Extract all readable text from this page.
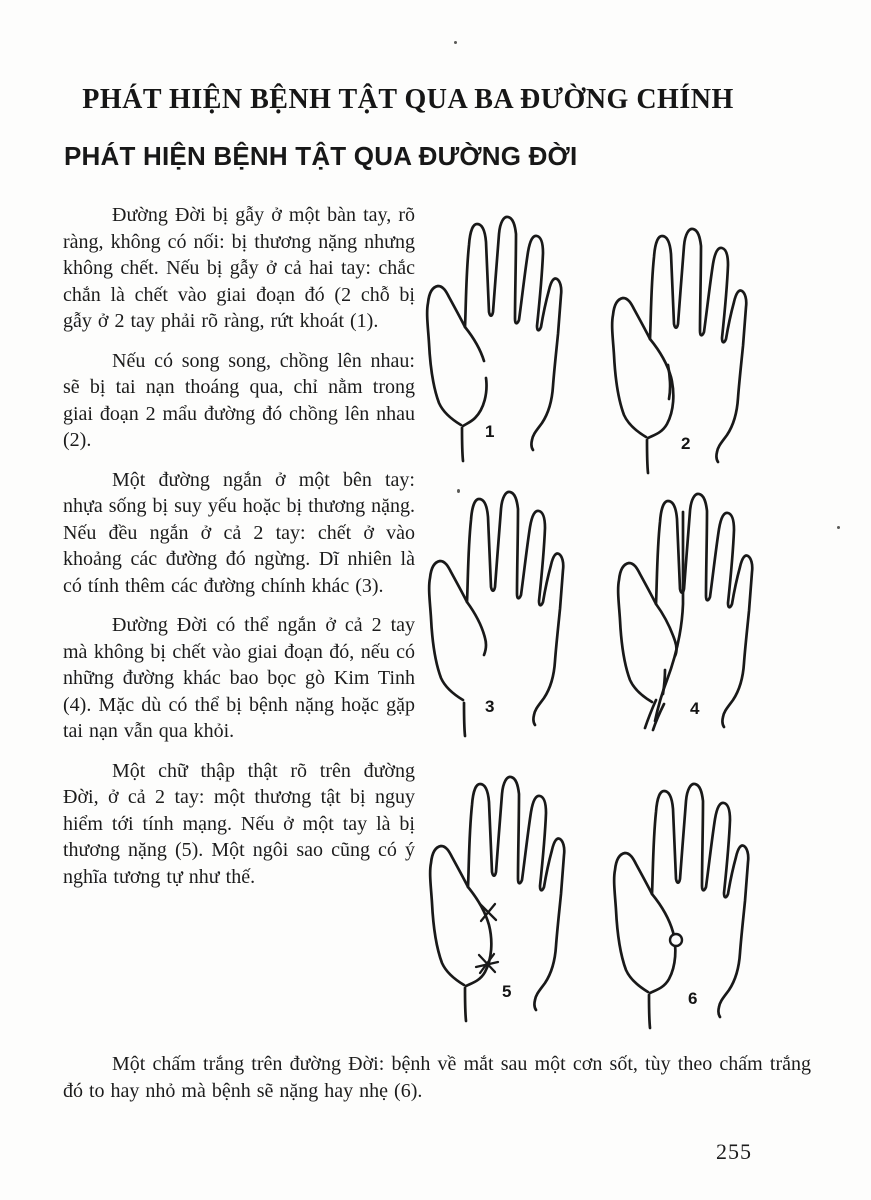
PHÁT HIỆN BỆNH TẬT QUA BA ĐƯỜNG CHÍNH
PHÁT HIỆN BỆNH TẬT QUA ĐƯỜNG ĐỜI

Đường Đời bị gẫy ở một bàn tay, rõ ràng, không có nối: bị thương nặng nhưng không chết. Nếu bị gẫy ở cả hai tay: chắc chắn là chết vào giai đoạn đó (2 chỗ bị gẫy ở 2 tay phải rõ ràng, rứt khoát (1).

Nếu có song song, chồng lên nhau: sẽ bị tai nạn thoáng qua, chỉ nằm trong giai đoạn 2 mẩu đường đó chồng lên nhau (2).

Một đường ngắn ở một bên tay: nhựa sống bị suy yếu hoặc bị thương nặng. Nếu đều ngắn ở cả 2 tay: chết ở vào khoảng các đường đó ngừng. Dĩ nhiên là có tính thêm các đường chính khác (3).

Đường Đời có thể ngắn ở cả 2 tay mà không bị chết vào giai đoạn đó, nếu có những đường khác bao bọc gò Kim Tinh (4). Mặc dù có thể bị bệnh nặng hoặc gặp tai nạn vẫn qua khỏi.

Một chữ thập thật rõ trên đường Đời, ở cả 2 tay: một thương tật bị nguy hiểm tới tính mạng. Nếu ở một tay là bị thương nặng (5). Một ngôi sao cũng có ý nghĩa tương tự như thế.

Một chấm trắng trên đường Đời: bệnh về mắt sau một cơn sốt, tùy theo chấm trắng đó to hay nhỏ mà bệnh sẽ nặng hay nhẹ (6).

1
2
3	4
5	6
255
